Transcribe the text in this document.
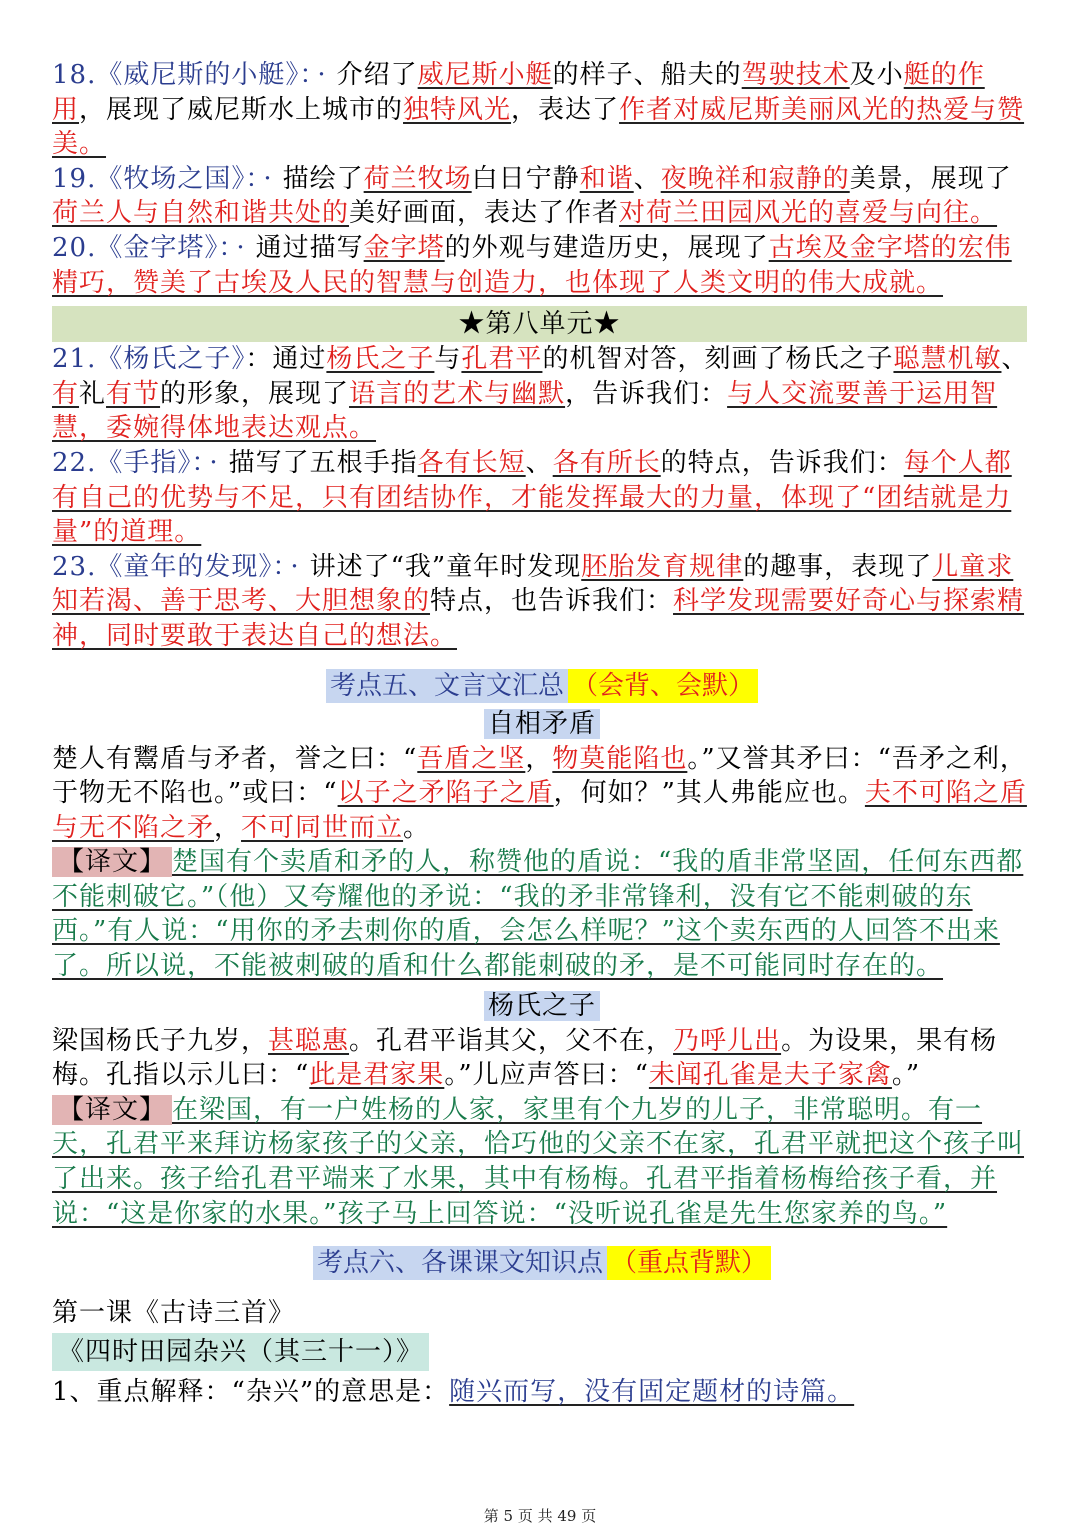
18.《威尼斯的小艇》： · 介绍了威尼斯小艇的样子、船夫的驾驶技术及小艇的作用，展现了威尼斯水上城市的独特风光，表达了作者对威尼斯美丽风光的热爱与赞美。

19.《牧场之国》： · 描绘了荷兰牧场白日宁静和谐、夜晚祥和寂静的美景，展现了荷兰人与自然和谐共处的美好画面，表达了作者对荷兰田园风光的喜爱与向往。

20.《金字塔》： · 通过描写金字塔的外观与建造历史，展现了古埃及金字塔的宏伟精巧，赞美了古埃及人民的智慧与创造力，也体现了人类文明的伟大成就。

★第八单元★

21.《杨氏之子》：通过杨氏之子与孔君平的机智对答，刻画了杨氏之子聪慧机敏、有礼有节的形象，展现了语言的艺术与幽默，告诉我们：与人交流要善于运用智慧，委婉得体地表达观点。

22.《手指》： · 描写了五根手指各有长短、各有所长的特点，告诉我们：每个人都有自己的优势与不足，只有团结协作，才能发挥最大的力量，体现了“团结就是力量”的道理。

23.《童年的发现》： · 讲述了“我”童年时发现胚胎发育规律的趣事，表现了儿童求知若渴、善于思考、大胆想象的特点，也告诉我们：科学发现需要好奇心与探索精神，同时要敢于表达自己的想法。

考点五、文言文汇总 （会背、会默）
自相矛盾

楚人有鬻盾与矛者，誉之曰：“吾盾之坚，物莫能陷也。”又誉其矛曰：“吾矛之利，于物无不陷也。”或曰：“以子之矛陷子之盾，何如？”其人弗能应也。夫不可陷之盾与无不陷之矛，不可同世而立。

【译文】 楚国有个卖盾和矛的人，称赞他的盾说：“我的盾非常坚固，任何东西都不能刺破它。”（他）又夸耀他的矛说：“我的矛非常锋利，没有它不能刺破的东西。”有人说：“用你的矛去刺你的盾，会怎么样呢？”这个卖东西的人回答不出来了。所以说，不能被刺破的盾和什么都能刺破的矛，是不可能同时存在的。

杨氏之子

梁国杨氏子九岁，甚聪惠。孔君平诣其父，父不在，乃呼儿出。为设果，果有杨梅。孔指以示儿曰：“此是君家果。”儿应声答曰：“未闻孔雀是夫子家禽。”

【译文】 在梁国，有一户姓杨的人家，家里有个九岁的儿子，非常聪明。有一天，孔君平来拜访杨家孩子的父亲，恰巧他的父亲不在家，孔君平就把这个孩子叫了出来。孩子给孔君平端来了水果，其中有杨梅。孔君平指着杨梅给孩子看，并说：“这是你家的水果。”孩子马上回答说：“没听说孔雀是先生您家养的鸟。”

考点六、各课课文知识点 （重点背默）
第一课《古诗三首》
《四时田园杂兴（其三十一）》

1、重点解释：“杂兴”的意思是：随兴而写，没有固定题材的诗篇。

第 5 页 共 49 页
